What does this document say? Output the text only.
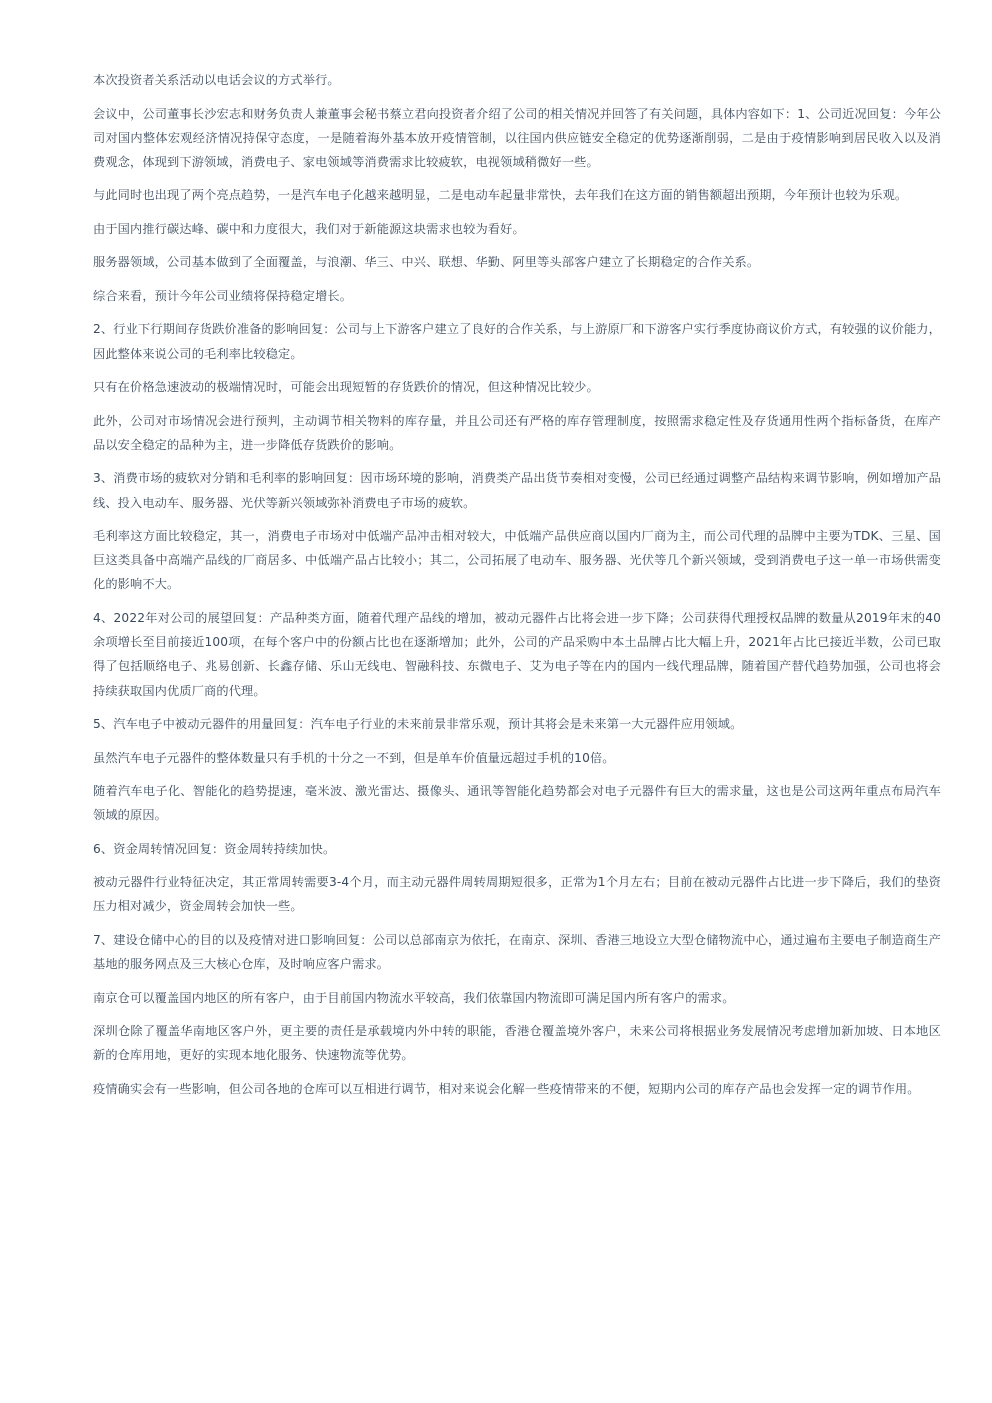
本次投资者关系活动以电话会议的方式举行。

会议中，公司董事长沙宏志和财务负责人兼董事会秘书蔡立君向投资者介绍了公司的相关情况并回答了有关问题，具体内容如下：1、公司近况回复：今年公司对国内整体宏观经济情况持保守态度，一是随着海外基本放开疫情管制，以往国内供应链安全稳定的优势逐渐削弱，二是由于疫情影响到居民收入以及消费观念，体现到下游领域，消费电子、家电领域等消费需求比较疲软，电视领域稍微好一些。

与此同时也出现了两个亮点趋势，一是汽车电子化越来越明显，二是电动车起量非常快，去年我们在这方面的销售额超出预期，今年预计也较为乐观。

由于国内推行碳达峰、碳中和力度很大，我们对于新能源这块需求也较为看好。

服务器领域，公司基本做到了全面覆盖，与浪潮、华三、中兴、联想、华勤、阿里等头部客户建立了长期稳定的合作关系。

综合来看，预计今年公司业绩将保持稳定增长。

2、行业下行期间存货跌价准备的影响回复：公司与上下游客户建立了良好的合作关系，与上游原厂和下游客户实行季度协商议价方式，有较强的议价能力，因此整体来说公司的毛利率比较稳定。

只有在价格急速波动的极端情况时，可能会出现短暂的存货跌价的情况，但这种情况比较少。

此外，公司对市场情况会进行预判，主动调节相关物料的库存量，并且公司还有严格的库存管理制度，按照需求稳定性及存货通用性两个指标备货，在库产品以安全稳定的品种为主，进一步降低存货跌价的影响。

3、消费市场的疲软对分销和毛利率的影响回复：因市场环境的影响，消费类产品出货节奏相对变慢，公司已经通过调整产品结构来调节影响，例如增加产品线、投入电动车、服务器、光伏等新兴领域弥补消费电子市场的疲软。

毛利率这方面比较稳定，其一，消费电子市场对中低端产品冲击相对较大，中低端产品供应商以国内厂商为主，而公司代理的品牌中主要为TDK、三星、国巨这类具备中高端产品线的厂商居多、中低端产品占比较小；其二，公司拓展了电动车、服务器、光伏等几个新兴领域，受到消费电子这一单一市场供需变化的影响不大。

4、2022年对公司的展望回复：产品种类方面，随着代理产品线的增加，被动元器件占比将会进一步下降；公司获得代理授权品牌的数量从2019年末的40余项增长至目前接近100项，在每个客户中的份额占比也在逐渐增加；此外，公司的产品采购中本土品牌占比大幅上升，2021年占比已接近半数，公司已取得了包括顺络电子、兆易创新、长鑫存储、乐山无线电、智融科技、东微电子、艾为电子等在内的国内一线代理品牌，随着国产替代趋势加强，公司也将会持续获取国内优质厂商的代理。

5、汽车电子中被动元器件的用量回复：汽车电子行业的未来前景非常乐观，预计其将会是未来第一大元器件应用领域。

虽然汽车电子元器件的整体数量只有手机的十分之一不到，但是单车价值量远超过手机的10倍。

随着汽车电子化、智能化的趋势提速，毫米波、激光雷达、摄像头、通讯等智能化趋势都会对电子元器件有巨大的需求量，这也是公司这两年重点布局汽车领域的原因。

6、资金周转情况回复：资金周转持续加快。

被动元器件行业特征决定，其正常周转需要3-4个月，而主动元器件周转周期短很多，正常为1个月左右；目前在被动元器件占比进一步下降后，我们的垫资压力相对减少，资金周转会加快一些。

7、建设仓储中心的目的以及疫情对进口影响回复：公司以总部南京为依托，在南京、深圳、香港三地设立大型仓储物流中心，通过遍布主要电子制造商生产基地的服务网点及三大核心仓库，及时响应客户需求。

南京仓可以覆盖国内地区的所有客户，由于目前国内物流水平较高，我们依靠国内物流即可满足国内所有客户的需求。

深圳仓除了覆盖华南地区客户外，更主要的责任是承载境内外中转的职能，香港仓覆盖境外客户，未来公司将根据业务发展情况考虑增加新加坡、日本地区新的仓库用地，更好的实现本地化服务、快速物流等优势。

疫情确实会有一些影响，但公司各地的仓库可以互相进行调节，相对来说会化解一些疫情带来的不便，短期内公司的库存产品也会发挥一定的调节作用。
